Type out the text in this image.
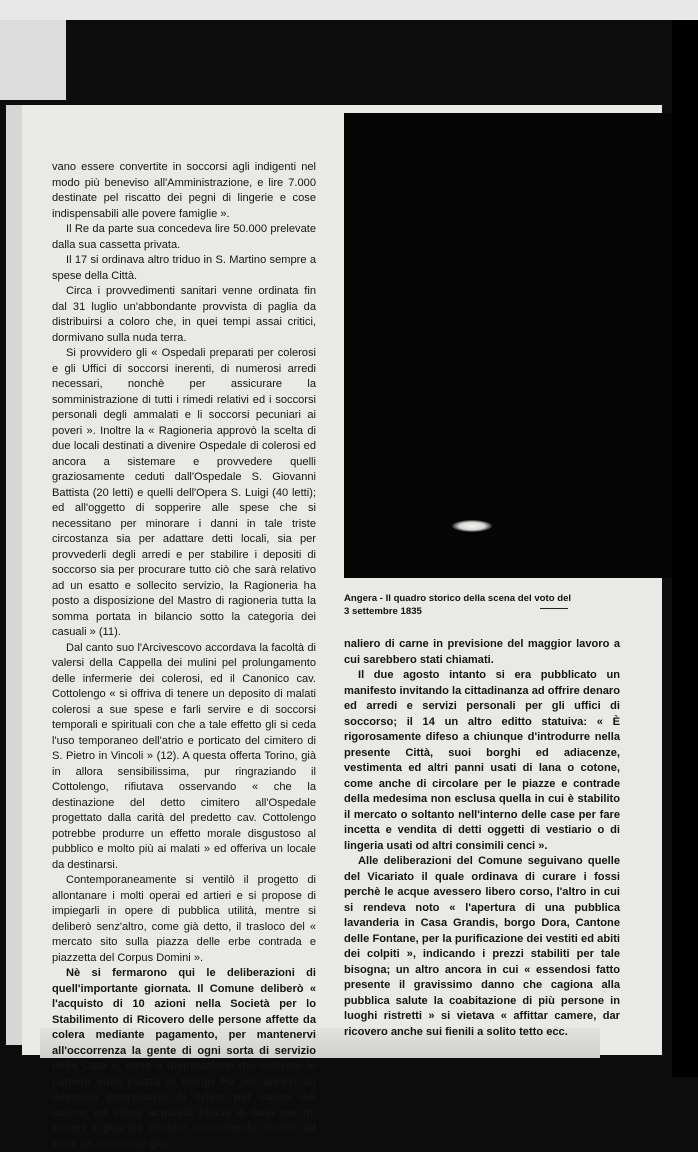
Angera - Il quadro storico della scena del voto del 3 settembre 1835

vano essere convertite in soccorsi agli indigenti nel modo più beneviso all'Amministrazione, e lire 7.000 destinate pel riscatto dei pegni di lingerie e cose indispensabili alle povere famiglie ».

Il Re da parte sua concedeva lire 50.000 prelevate dalla sua cassetta privata.

Il 17 si ordinava altro triduo in S. Martino sempre a spese della Città.

Circa i provvedimenti sanitari venne ordinata fin dal 31 luglio un'abbondante provvista di paglia da distribuirsi a coloro che, in quei tempi assai critici, dormivano sulla nuda terra.

Si provvidero gli « Ospedali preparati per colerosi e gli Uffici di soccorsi inerenti, di numerosi arredi necessari, nonchè per assicurare la somministrazione di tutti i rimedi relativi ed i soccorsi personali degli ammalati e li soccorsi pecuniari ai poveri ». Inoltre la « Ragioneria approvò la scelta di due locali destinati a divenire Ospedale di colerosi ed ancora a sistemare e provvedere quelli graziosamente ceduti dall'Ospedale S. Giovanni Battista (20 letti) e quelli dell'Opera S. Luigi (40 letti); ed all'oggetto di sopperire alle spese che si necessitano per minorare i danni in tale triste circostanza sia per adattare detti locali, sia per provvederli degli arredi e per stabilire i depositi di soccorso sia per procurare tutto ciò che sarà relativo ad un esatto e sollecito servizio, la Ragioneria ha posto a disposizione del Mastro di ragioneria tutta la somma portata in bilancio sotto la categoria dei casuali » (11).

Dal canto suo l'Arcivescovo accordava la facoltà di valersi della Cappella dei mulini pel prolungamento delle infermerie dei colerosi, ed il Canonico cav. Cottolengo « si offriva di tenere un deposito di malati colerosi a sue spese e farli servire e di soccorsi temporali e spirituali con che a tale effetto gli si ceda l'uso temporaneo dell'atrio e porticato del cimitero di S. Pietro in Vincoli » (12). A questa offerta Torino, già in allora sensibilissima, pur ringraziando il Cottolengo, rifiutava osservando « che la destinazione del detto cimitero all'Ospedale progettato dalla carità del predetto cav. Cottolengo potrebbe produrre un effetto morale disgustoso al pubblico e molto più ai malati » ed offeriva un locale da destinarsi.

Contemporaneamente si ventilò il progetto di allontanare i molti operai ed artieri e si propose di impiegarli in opere di pubblica utilità, mentre si deliberò senz'altro, come già detto, il trasloco del « mercato sito sulla piazza delle erbe contrada e piazzetta del Corpus Domini ».

Nè si fermarono qui le deliberazioni di quell'importante giornata. Il Comune deliberò « l'acquisto di 10 azioni nella Società per lo Stabilimento di Ricovero delle persone affette da colera mediante pagamento, per mantenervi all'occorrenza la gente di ogni sorta di servizio della Città »; mise a disposizione dei colerosi le camere sulla piazza di Borgo Po per aprirvi un deposito provvisorio di orfani per causa del colera; ed infine acquistò fascie di lana per gli arcieri e guardie civiche concedendo inoltre ad esse un soccorso gior-

naliero di carne in previsione del maggior lavoro a cui sarebbero stati chiamati.

Il due agosto intanto si era pubblicato un manifesto invitando la cittadinanza ad offrire denaro ed arredi e servizi personali per gli uffici di soccorso; il 14 un altro editto statuiva: « È rigorosamente difeso a chiunque d'introdurre nella presente Città, suoi borghi ed adiacenze, vestimenta ed altri panni usati di lana o cotone, come anche di circolare per le piazze e contrade della medesima non esclusa quella in cui è stabilito il mercato o soltanto nell'interno delle case per fare incetta e vendita di detti oggetti di vestiario o di lingeria usati od altri consimili cenci ».

Alle deliberazioni del Comune seguivano quelle del Vicariato il quale ordinava di curare i fossi perchè le acque avessero libero corso, l'altro in cui si rendeva noto « l'apertura di una pubblica lavanderia in Casa Grandis, borgo Dora, Cantone delle Fontane, per la purificazione dei vestiti ed abiti dei colpiti », indicando i prezzi stabiliti per tale bisogna; un altro ancora in cui « essendosi fatto presente il gravissimo danno che cagiona alla pubblica salute la coabitazione di più persone in luoghi ristretti » si vietava « affittar camere, dar ricovero anche sui fienili a solito tetto ecc.
